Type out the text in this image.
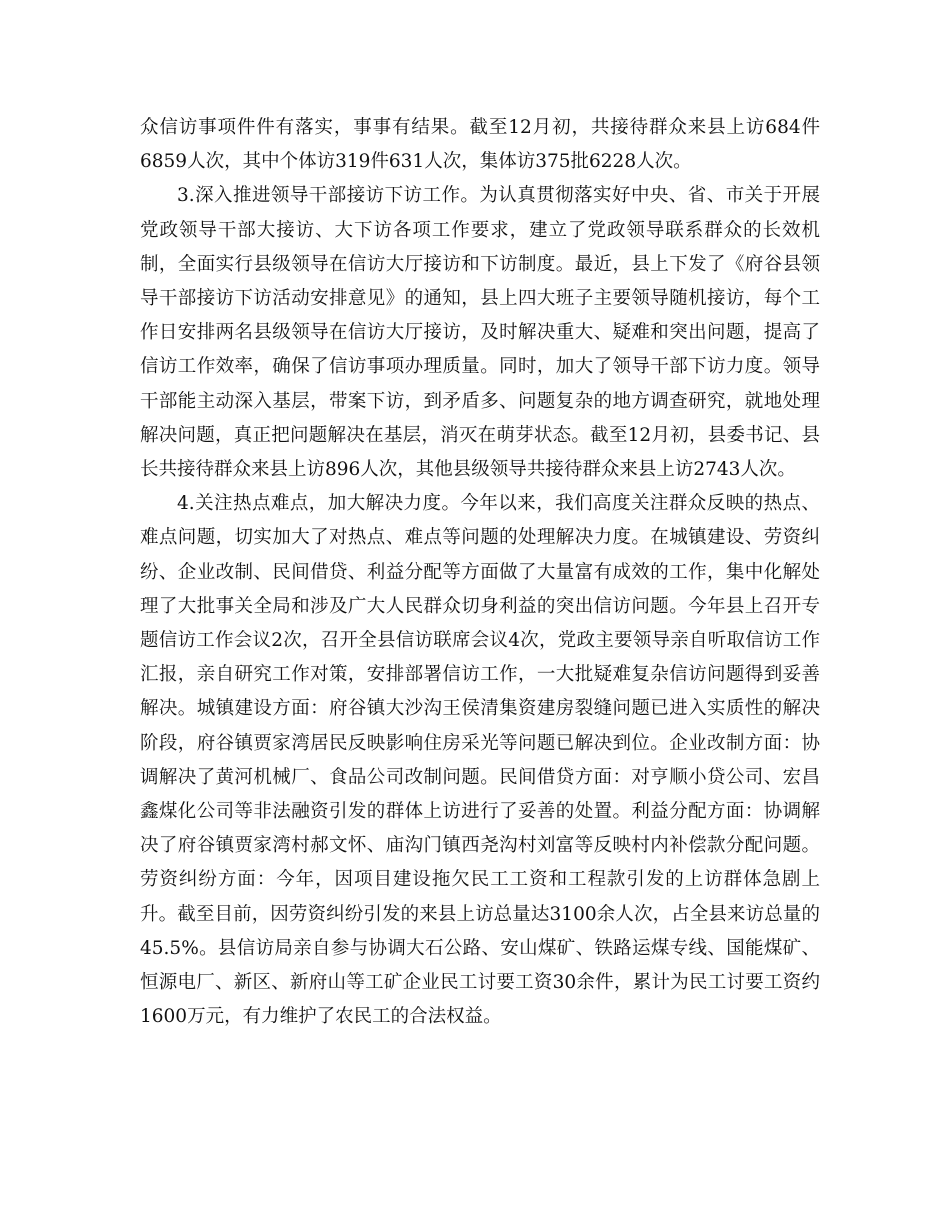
众信访事项件件有落实，事事有结果。截至12月初，共接待群众来县上访684件6859人次，其中个体访319件631人次，集体访375批6228人次。

3.深入推进领导干部接访下访工作。为认真贯彻落实好中央、省、市关于开展党政领导干部大接访、大下访各项工作要求，建立了党政领导联系群众的长效机制，全面实行县级领导在信访大厅接访和下访制度。最近，县上下发了《府谷县领导干部接访下访活动安排意见》的通知，县上四大班子主要领导随机接访，每个工作日安排两名县级领导在信访大厅接访，及时解决重大、疑难和突出问题，提高了信访工作效率，确保了信访事项办理质量。同时，加大了领导干部下访力度。领导干部能主动深入基层，带案下访，到矛盾多、问题复杂的地方调查研究，就地处理解决问题，真正把问题解决在基层，消灭在萌芽状态。截至12月初，县委书记、县长共接待群众来县上访896人次，其他县级领导共接待群众来县上访2743人次。

4.关注热点难点，加大解决力度。今年以来，我们高度关注群众反映的热点、难点问题，切实加大了对热点、难点等问题的处理解决力度。在城镇建设、劳资纠纷、企业改制、民间借贷、利益分配等方面做了大量富有成效的工作，集中化解处理了大批事关全局和涉及广大人民群众切身利益的突出信访问题。今年县上召开专题信访工作会议2次，召开全县信访联席会议4次，党政主要领导亲自听取信访工作汇报，亲自研究工作对策，安排部署信访工作，一大批疑难复杂信访问题得到妥善解决。城镇建设方面：府谷镇大沙沟王侯清集资建房裂缝问题已进入实质性的解决阶段，府谷镇贾家湾居民反映影响住房采光等问题已解决到位。企业改制方面：协调解决了黄河机械厂、食品公司改制问题。民间借贷方面：对亨顺小贷公司、宏昌鑫煤化公司等非法融资引发的群体上访进行了妥善的处置。利益分配方面：协调解决了府谷镇贾家湾村郝文怀、庙沟门镇西尧沟村刘富等反映村内补偿款分配问题。劳资纠纷方面：今年，因项目建设拖欠民工工资和工程款引发的上访群体急剧上升。截至目前，因劳资纠纷引发的来县上访总量达3100余人次，占全县来访总量的45.5%。县信访局亲自参与协调大石公路、安山煤矿、铁路运煤专线、国能煤矿、恒源电厂、新区、新府山等工矿企业民工讨要工资30余件，累计为民工讨要工资约1600万元，有力维护了农民工的合法权益。
